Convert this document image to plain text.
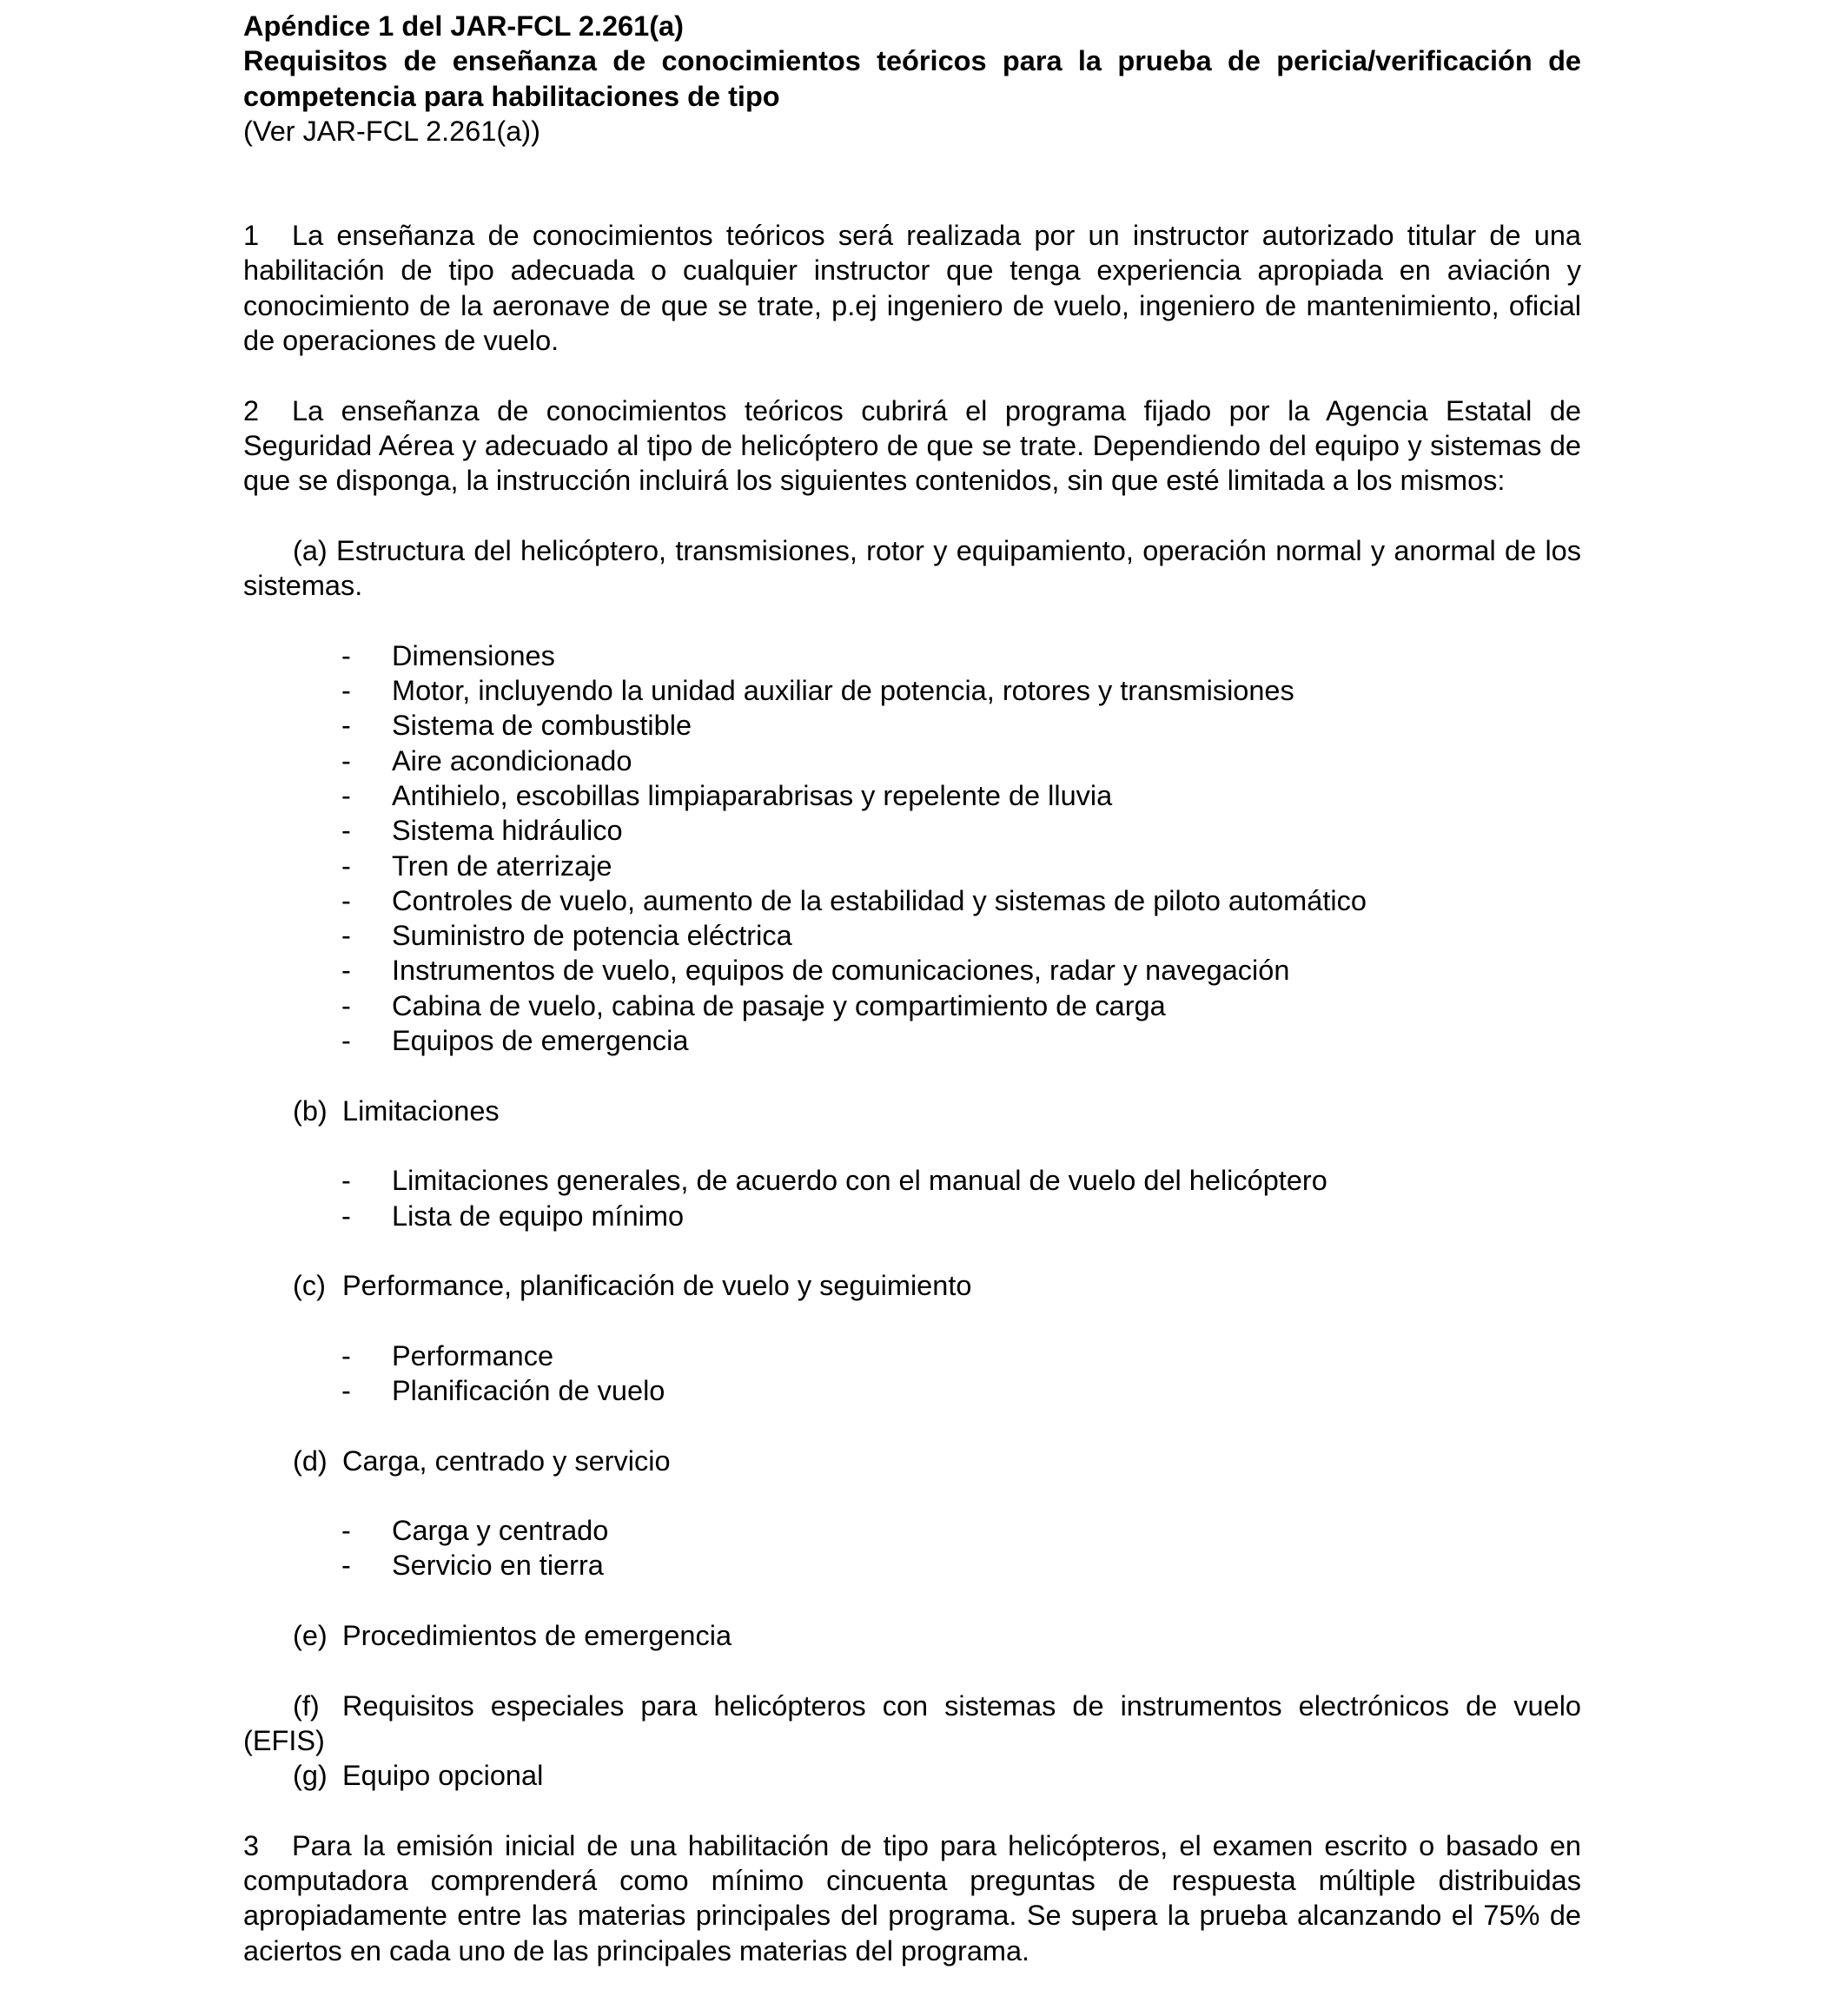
Apéndice 1 del JAR-FCL 2.261(a)

Requisitos de enseñanza de conocimientos teóricos para la prueba de pericia/verificación de competencia para habilitaciones de tipo

(Ver JAR-FCL 2.261(a))

1 La enseñanza de conocimientos teóricos será realizada por un instructor autorizado titular de una habilitación de tipo adecuada o cualquier instructor que tenga experiencia apropiada en aviación y conocimiento de la aeronave de que se trate, p.ej ingeniero de vuelo, ingeniero de mantenimiento, oficial de operaciones de vuelo.

2 La enseñanza de conocimientos teóricos cubrirá el programa fijado por la Agencia Estatal de Seguridad Aérea y adecuado al tipo de helicóptero de que se trate. Dependiendo del equipo y sistemas de que se disponga, la instrucción incluirá los siguientes contenidos, sin que esté limitada a los mismos:

(a) Estructura del helicóptero, transmisiones, rotor y equipamiento, operación normal y anormal de los sistemas.

- Dimensiones
- Motor, incluyendo la unidad auxiliar de potencia, rotores y transmisiones
- Sistema de combustible
- Aire acondicionado
- Antihielo, escobillas limpiaparabrisas y repelente de lluvia
- Sistema hidráulico
- Tren de aterrizaje
- Controles de vuelo, aumento de la estabilidad y sistemas de piloto automático
- Suministro de potencia eléctrica
- Instrumentos de vuelo, equipos de comunicaciones, radar y navegación
- Cabina de vuelo, cabina de pasaje y compartimiento de carga
- Equipos de emergencia

(b) Limitaciones

- Limitaciones generales, de acuerdo con el manual de vuelo del helicóptero
- Lista de equipo mínimo

(c) Performance, planificación de vuelo y seguimiento

- Performance
- Planificación de vuelo

(d) Carga, centrado y servicio

- Carga y centrado
- Servicio en tierra

(e) Procedimientos de emergencia

(f) Requisitos especiales para helicópteros con sistemas de instrumentos electrónicos de vuelo (EFIS)

(g) Equipo opcional

3 Para la emisión inicial de una habilitación de tipo para helicópteros, el examen escrito o basado en computadora comprenderá como mínimo cincuenta preguntas de respuesta múltiple distribuidas apropiadamente entre las materias principales del programa. Se supera la prueba alcanzando el 75% de aciertos en cada uno de las principales materias del programa.
